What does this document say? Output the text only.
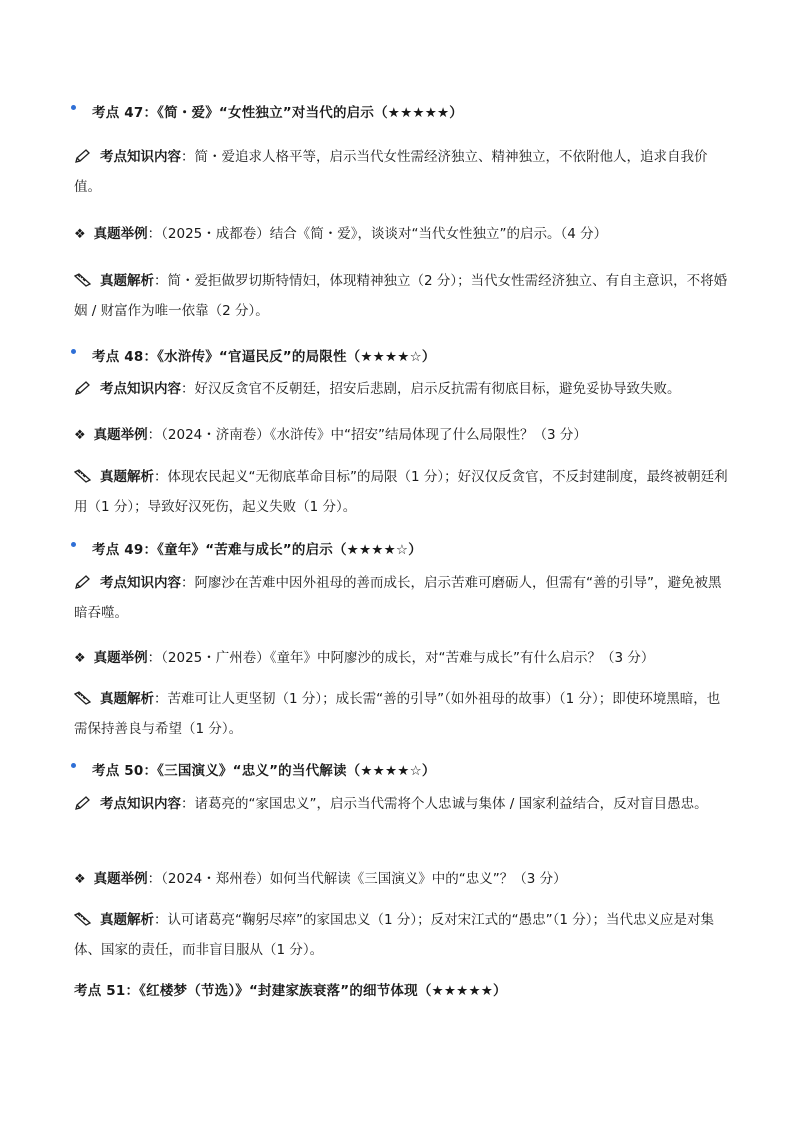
考点 47：《简・爱》“女性独立”对当代的启示（★★★★★）
考点知识内容：简・爱追求人格平等，启示当代女性需经济独立、精神独立，不依附他人，追求自我价值。
❖ 真题举例：（2025・成都卷）结合《简・爱》，谈谈对“当代女性独立”的启示。（4 分）
真题解析：简・爱拒做罗切斯特情妇，体现精神独立（2 分）；当代女性需经济独立、有自主意识，不将婚姻 / 财富作为唯一依靠（2 分）。
考点 48：《水浒传》“官逼民反”的局限性（★★★★☆）
考点知识内容：好汉反贪官不反朝廷，招安后悲剧，启示反抗需有彻底目标，避免妥协导致失败。
❖ 真题举例：（2024・济南卷）《水浒传》中“招安”结局体现了什么局限性？（3 分）
真题解析：体现农民起义“无彻底革命目标”的局限（1 分）；好汉仅反贪官，不反封建制度，最终被朝廷利用（1 分）；导致好汉死伤，起义失败（1 分）。
考点 49：《童年》“苦难与成长”的启示（★★★★☆）
考点知识内容：阿廖沙在苦难中因外祖母的善而成长，启示苦难可磨砺人，但需有“善的引导”，避免被黑暗吞噬。
❖ 真题举例：（2025・广州卷）《童年》中阿廖沙的成长，对“苦难与成长”有什么启示？（3 分）
真题解析：苦难可让人更坚韧（1 分）；成长需“善的引导”（如外祖母的故事）（1 分）；即使环境黑暗，也需保持善良与希望（1 分）。
考点 50：《三国演义》“忠义”的当代解读（★★★★☆）
考点知识内容：诸葛亮的“家国忠义”，启示当代需将个人忠诚与集体 / 国家利益结合，反对盲目愚忠。
❖ 真题举例：（2024・郑州卷）如何当代解读《三国演义》中的“忠义”？（3 分）
真题解析：认可诸葛亮“鞠躬尽瘁”的家国忠义（1 分）；反对宋江式的“愚忠”（1 分）；当代忠义应是对集体、国家的责任，而非盲目服从（1 分）。
考点 51：《红楼梦（节选）》“封建家族衰落”的细节体现（★★★★★）
